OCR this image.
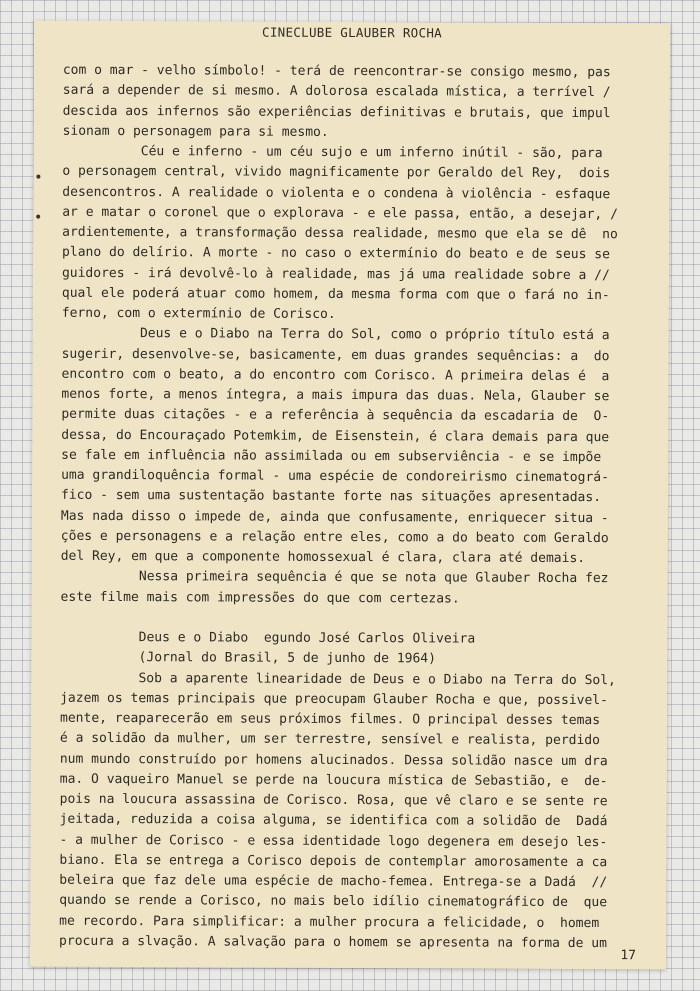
CINECLUBE GLAUBER ROCHA
com o mar - velho símbolo! - terá de reencontrar-se consigo mesmo, pas
sará a depender de si mesmo. A dolorosa escalada mística, a terrível /
descida aos infernos são experiências definitivas e brutais, que impul
sionam o personagem para si mesmo.
Céu e inferno - um céu sujo e um inferno inútil - são, para
o personagem central, vivido magnificamente por Geraldo del Rey,  dois
desencontros. A realidade o violenta e o condena à violência - esfaque
ar e matar o coronel que o explorava - e ele passa, então, a desejar, /
ardientemente, a transformação dessa realidade, mesmo que ela se dê  no
plano do delírio. A morte - no caso o extermínio do beato e de seus se
guidores - irá devolvê-lo à realidade, mas já uma realidade sobre a //
qual ele poderá atuar como homem, da mesma forma com que o fará no in-
ferno, com o extermínio de Corisco.
Deus e o Diabo na Terra do Sol, como o próprio título está a
sugerir, desenvolve-se, basicamente, em duas grandes sequências: a  do
encontro com o beato, a do encontro com Corisco. A primeira delas é  a
menos forte, a menos íntegra, a mais impura das duas. Nela, Glauber se
permite duas citações - e a referência à sequência da escadaria de  O-
dessa, do Encouraçado Potemkim, de Eisenstein, é clara demais para que
se fale em influência não assimilada ou em subserviência - e se impõe
uma grandiloquência formal - uma espécie de condoreirismo cinematográ-
fico - sem uma sustentação bastante forte nas situações apresentadas.
Mas nada disso o impede de, ainda que confusamente, enriquecer situa -
ções e personagens e a relação entre eles, como a do beato com Geraldo
del Rey, em que a componente homossexual é clara, clara até demais.
Nessa primeira sequência é que se nota que Glauber Rocha fez
este filme mais com impressões do que com certezas.
Deus e o Diabo  egundo José Carlos Oliveira
(Jornal do Brasil, 5 de junho de 1964)
Sob a aparente linearidade de Deus e o Diabo na Terra do Sol,
jazem os temas principais que preocupam Glauber Rocha e que, possivel-
mente, reaparecerão em seus próximos filmes. O principal desses temas
é a solidão da mulher, um ser terrestre, sensível e realista, perdido
num mundo construído por homens alucinados. Dessa solidão nasce um dra
ma. O vaqueiro Manuel se perde na loucura mística de Sebastião, e  de-
pois na loucura assassina de Corisco. Rosa, que vê claro e se sente re
jeitada, reduzida a coisa alguma, se identifica com a solidão de  Dadá
- a mulher de Corisco - e essa identidade logo degenera em desejo les-
biano. Ela se entrega a Corisco depois de contemplar amorosamente a ca
beleira que faz dele uma espécie de macho-femea. Entrega-se a Dadá  //
quando se rende a Corisco, no mais belo idílio cinematográfico de  que
me recordo. Para simplificar: a mulher procura a felicidade, o  homem
procura a slvação. A salvação para o homem se apresenta na forma de um
17
